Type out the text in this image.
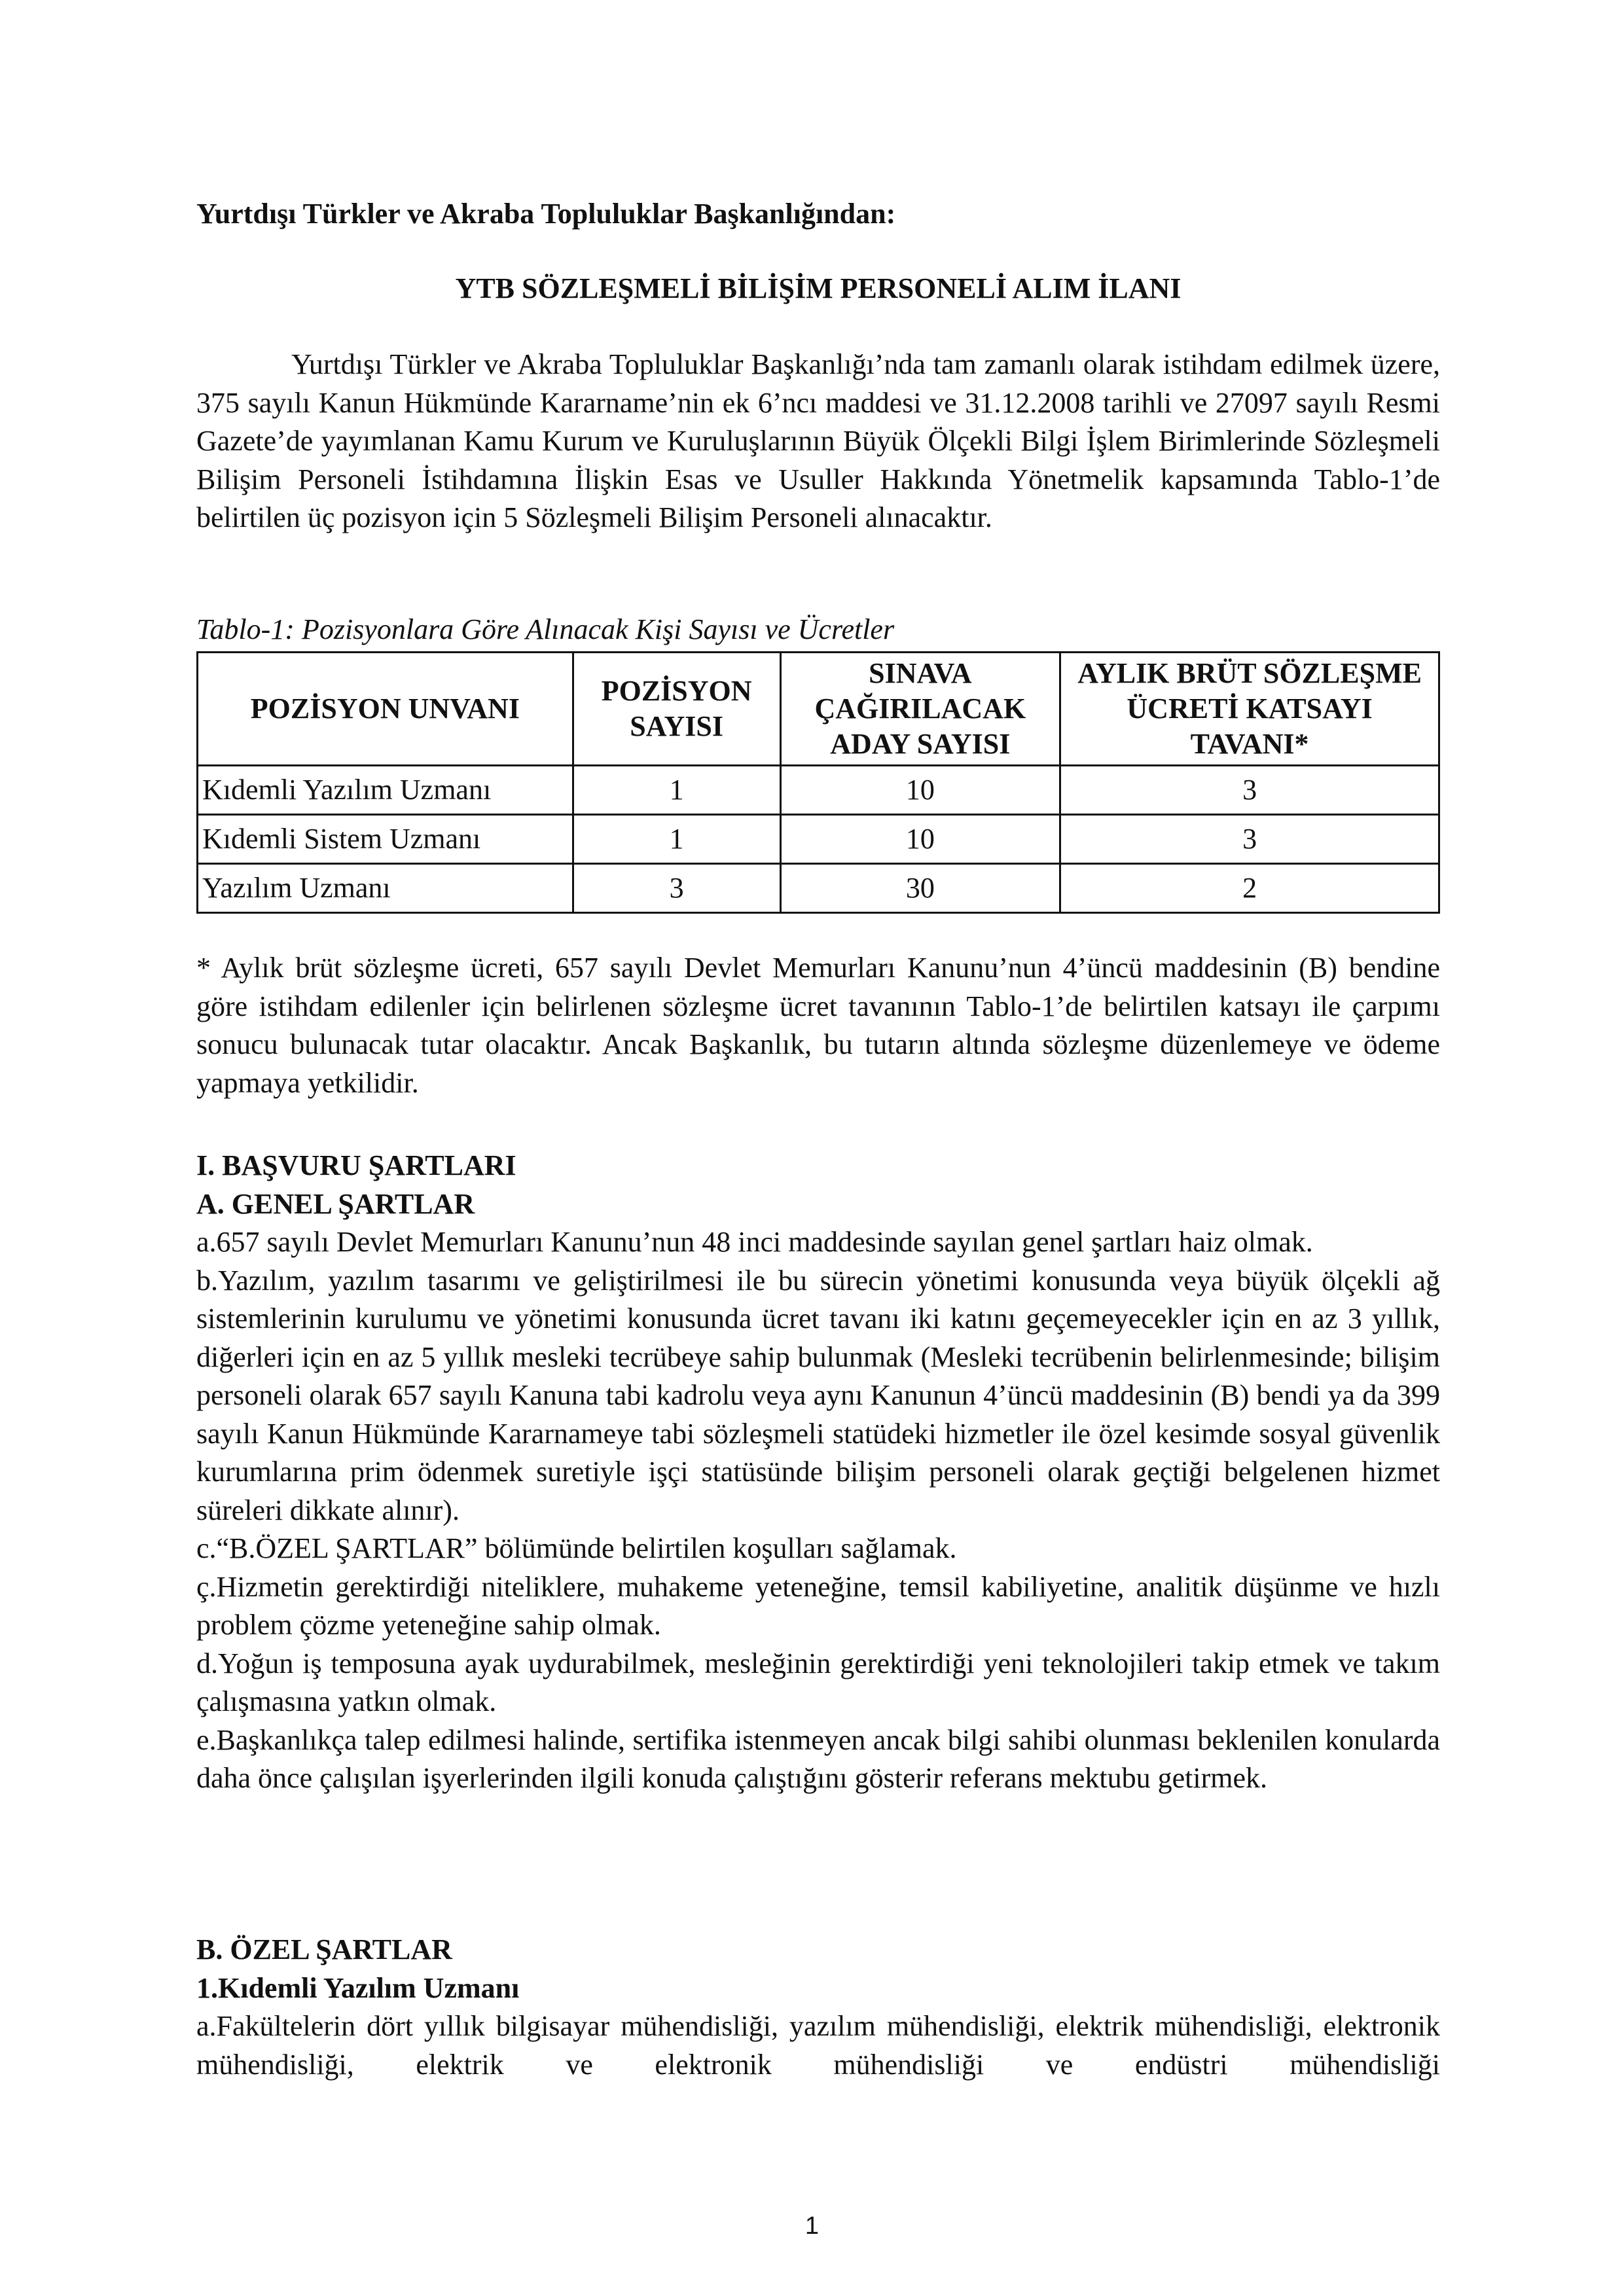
Yurtdışı Türkler ve Akraba Topluluklar Başkanlığından:

YTB SÖZLEŞMELİ BİLİŞİM PERSONELİ ALIM İLANI

Yurtdışı Türkler ve Akraba Topluluklar Başkanlığı’nda tam zamanlı olarak istihdam edilmek üzere, 375 sayılı Kanun Hükmünde Kararname’nin ek 6’ncı maddesi ve 31.12.2008 tarihli ve 27097 sayılı Resmi Gazete’de yayımlanan Kamu Kurum ve Kuruluşlarının Büyük Ölçekli Bilgi İşlem Birimlerinde Sözleşmeli Bilişim Personeli İstihdamına İlişkin Esas ve Usuller Hakkında Yönetmelik kapsamında Tablo-1’de belirtilen üç pozisyon için 5 Sözleşmeli Bilişim Personeli alınacaktır.

Tablo-1: Pozisyonlara Göre Alınacak Kişi Sayısı ve Ücretler

POZİSYON UNVANI	POZİSYON SAYISI	SINAVA ÇAĞIRILACAK ADAY SAYISI	AYLIK BRÜT SÖZLEŞME ÜCRETİ KATSAYI TAVANI*
Kıdemli Yazılım Uzmanı	1	10	3
Kıdemli Sistem Uzmanı	1	10	3
Yazılım Uzmanı	3	30	2

* Aylık brüt sözleşme ücreti, 657 sayılı Devlet Memurları Kanunu’nun 4’üncü maddesinin (B) bendine göre istihdam edilenler için belirlenen sözleşme ücret tavanının Tablo-1’de belirtilen katsayı ile çarpımı sonucu bulunacak tutar olacaktır. Ancak Başkanlık, bu tutarın altında sözleşme düzenlemeye ve ödeme yapmaya yetkilidir.

I. BAŞVURU ŞARTLARI

A. GENEL ŞARTLAR

a.657 sayılı Devlet Memurları Kanunu’nun 48 inci maddesinde sayılan genel şartları haiz olmak.

b.Yazılım, yazılım tasarımı ve geliştirilmesi ile bu sürecin yönetimi konusunda veya büyük ölçekli ağ sistemlerinin kurulumu ve yönetimi konusunda ücret tavanı iki katını geçemeyecekler için en az 3 yıllık, diğerleri için en az 5 yıllık mesleki tecrübeye sahip bulunmak (Mesleki tecrübenin belirlenmesinde; bilişim personeli olarak 657 sayılı Kanuna tabi kadrolu veya aynı Kanunun 4’üncü maddesinin (B) bendi ya da 399 sayılı Kanun Hükmünde Kararnameye tabi sözleşmeli statüdeki hizmetler ile özel kesimde sosyal güvenlik kurumlarına prim ödenmek suretiyle işçi statüsünde bilişim personeli olarak geçtiği belgelenen hizmet süreleri dikkate alınır).

c.“B.ÖZEL ŞARTLAR” bölümünde belirtilen koşulları sağlamak.

ç.Hizmetin gerektirdiği niteliklere, muhakeme yeteneğine, temsil kabiliyetine, analitik düşünme ve hızlı problem çözme yeteneğine sahip olmak.

d.Yoğun iş temposuna ayak uydurabilmek, mesleğinin gerektirdiği yeni teknolojileri takip etmek ve takım çalışmasına yatkın olmak.

e.Başkanlıkça talep edilmesi halinde, sertifika istenmeyen ancak bilgi sahibi olunması beklenilen konularda daha önce çalışılan işyerlerinden ilgili konuda çalıştığını gösterir referans mektubu getirmek.

B. ÖZEL ŞARTLAR

1.Kıdemli Yazılım Uzmanı

a.Fakültelerin dört yıllık bilgisayar mühendisliği, yazılım mühendisliği, elektrik mühendisliği, elektronik mühendisliği, elektrik ve elektronik mühendisliği ve endüstri mühendisliği

1
